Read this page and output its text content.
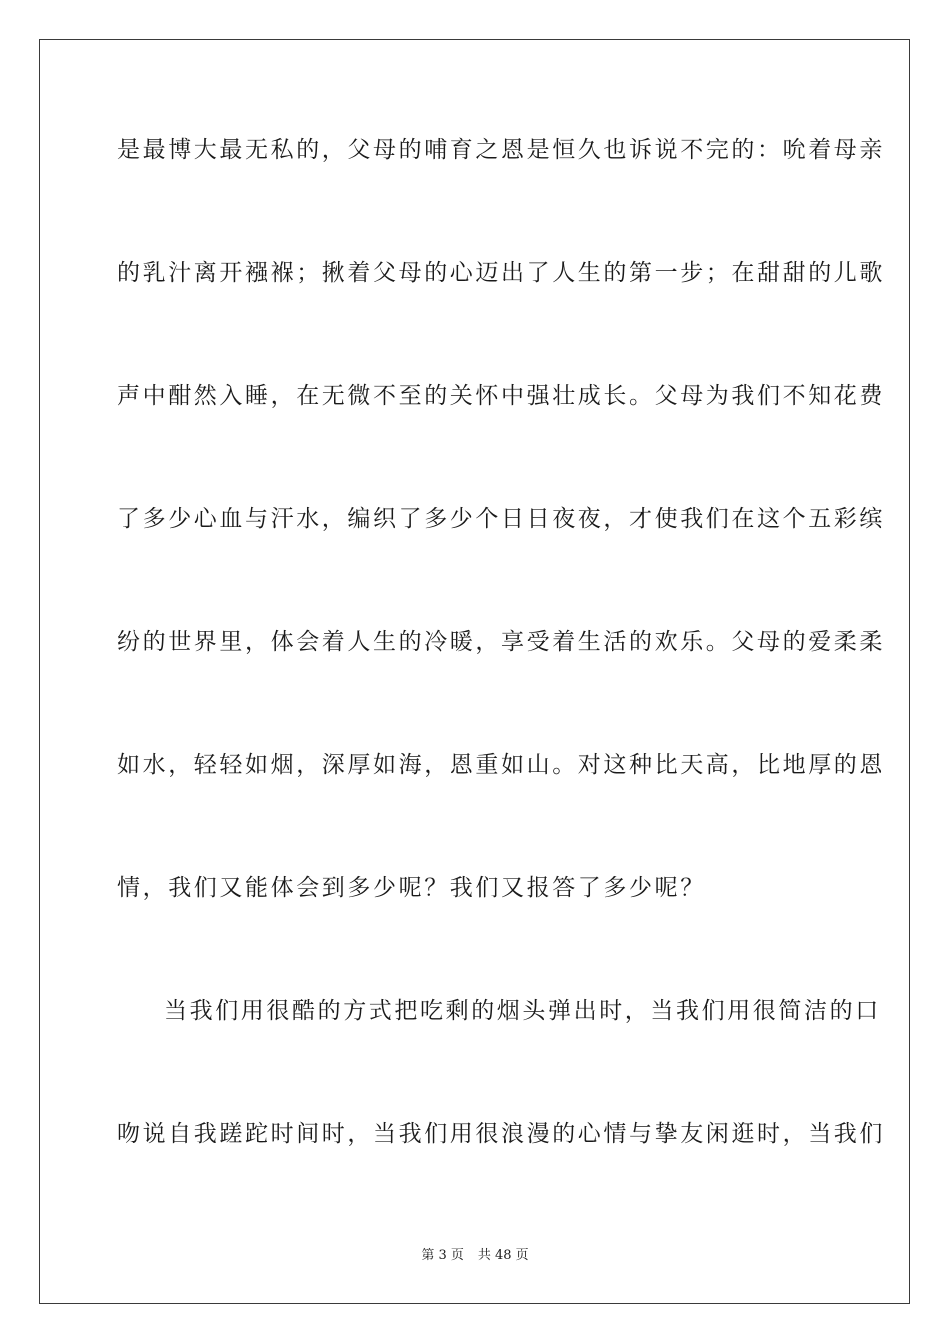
是最博大最无私的，父母的哺育之恩是恒久也诉说不完的：吮着母亲
的乳汁离开襁褓；揪着父母的心迈出了人生的第一步；在甜甜的儿歌
声中酣然入睡，在无微不至的关怀中强壮成长。父母为我们不知花费
了多少心血与汗水，编织了多少个日日夜夜，才使我们在这个五彩缤
纷的世界里，体会着人生的冷暖，享受着生活的欢乐。父母的爱柔柔
如水，轻轻如烟，深厚如海，恩重如山。对这种比天高，比地厚的恩
情，我们又能体会到多少呢？我们又报答了多少呢？
当我们用很酷的方式把吃剩的烟头弹出时，当我们用很简洁的口
吻说自我蹉跎时间时，当我们用很浪漫的心情与挚友闲逛时，当我们
第 3 页 共 48 页
